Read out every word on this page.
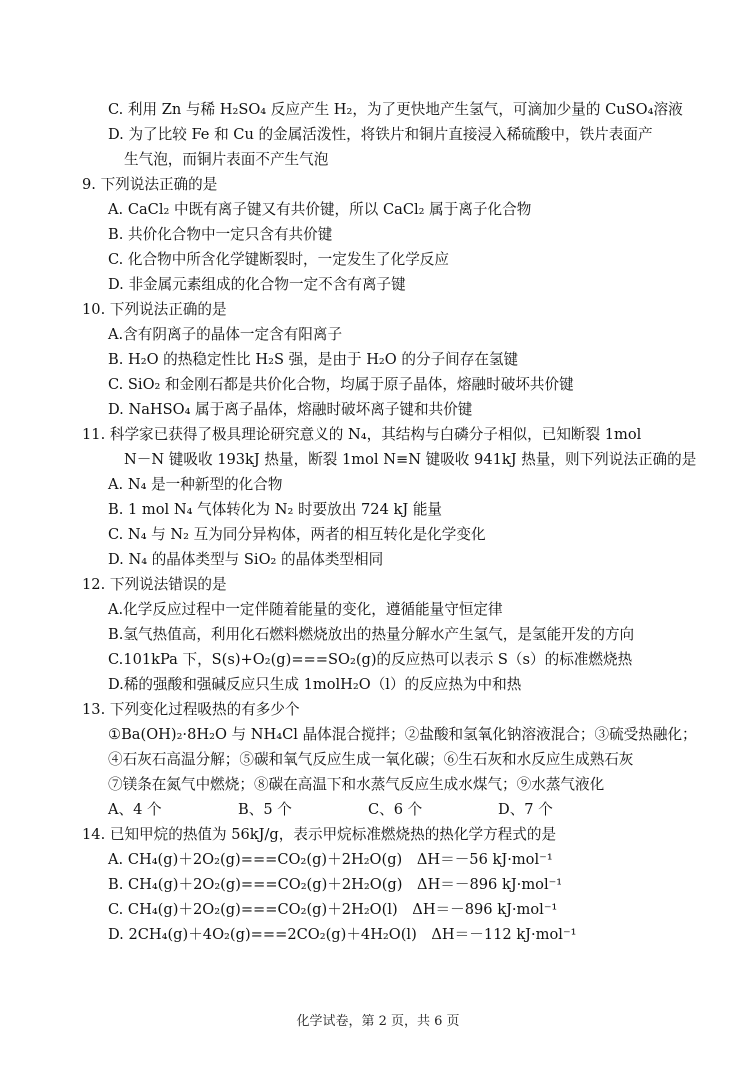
C. 利用 Zn 与稀 H₂SO₄ 反应产生 H₂，为了更快地产生氢气，可滴加少量的 CuSO₄溶液
D. 为了比较 Fe 和 Cu 的金属活泼性，将铁片和铜片直接浸入稀硫酸中，铁片表面产
生气泡，而铜片表面不产生气泡
9. 下列说法正确的是
A. CaCl₂ 中既有离子键又有共价键，所以 CaCl₂ 属于离子化合物
B. 共价化合物中一定只含有共价键
C. 化合物中所含化学键断裂时，一定发生了化学反应
D. 非金属元素组成的化合物一定不含有离子键
10. 下列说法正确的是
A.含有阴离子的晶体一定含有阳离子
B. H₂O 的热稳定性比 H₂S 强，是由于 H₂O 的分子间存在氢键
C. SiO₂ 和金刚石都是共价化合物，均属于原子晶体，熔融时破坏共价键
D. NaHSO₄ 属于离子晶体，熔融时破坏离子键和共价键
11. 科学家已获得了极具理论研究意义的 N₄，其结构与白磷分子相似，已知断裂 1mol
N－N 键吸收 193kJ 热量，断裂 1mol N≡N 键吸收 941kJ 热量，则下列说法正确的是
A. N₄ 是一种新型的化合物
B. 1 mol N₄ 气体转化为 N₂ 时要放出 724 kJ 能量
C. N₄ 与 N₂ 互为同分异构体，两者的相互转化是化学变化
D. N₄ 的晶体类型与 SiO₂ 的晶体类型相同
12. 下列说法错误的是
A.化学反应过程中一定伴随着能量的变化，遵循能量守恒定律
B.氢气热值高，利用化石燃料燃烧放出的热量分解水产生氢气，是氢能开发的方向
C.101kPa 下，S(s)+O₂(g)===SO₂(g)的反应热可以表示 S（s）的标准燃烧热
D.稀的强酸和强碱反应只生成 1molH₂O（l）的反应热为中和热
13. 下列变化过程吸热的有多少个
①Ba(OH)₂·8H₂O 与 NH₄Cl 晶体混合搅拌；②盐酸和氢氧化钠溶液混合；③硫受热融化；
④石灰石高温分解；⑤碳和氧气反应生成一氧化碳；⑥生石灰和水反应生成熟石灰
⑦镁条在氮气中燃烧；⑧碳在高温下和水蒸气反应生成水煤气；⑨水蒸气液化
A、4 个	B、5 个	C、6 个	D、7 个
14. 已知甲烷的热值为 56kJ/g，表示甲烷标准燃烧热的热化学方程式的是
A. CH₄(g)＋2O₂(g)===CO₂(g)＋2H₂O(g)　ΔH＝－56 kJ·mol⁻¹
B. CH₄(g)＋2O₂(g)===CO₂(g)＋2H₂O(g)　ΔH＝－896 kJ·mol⁻¹
C. CH₄(g)＋2O₂(g)===CO₂(g)＋2H₂O(l)　ΔH＝－896 kJ·mol⁻¹
D. 2CH₄(g)＋4O₂(g)===2CO₂(g)＋4H₂O(l)　ΔH＝－112 kJ·mol⁻¹
化学试卷，第 2 页，共 6 页
